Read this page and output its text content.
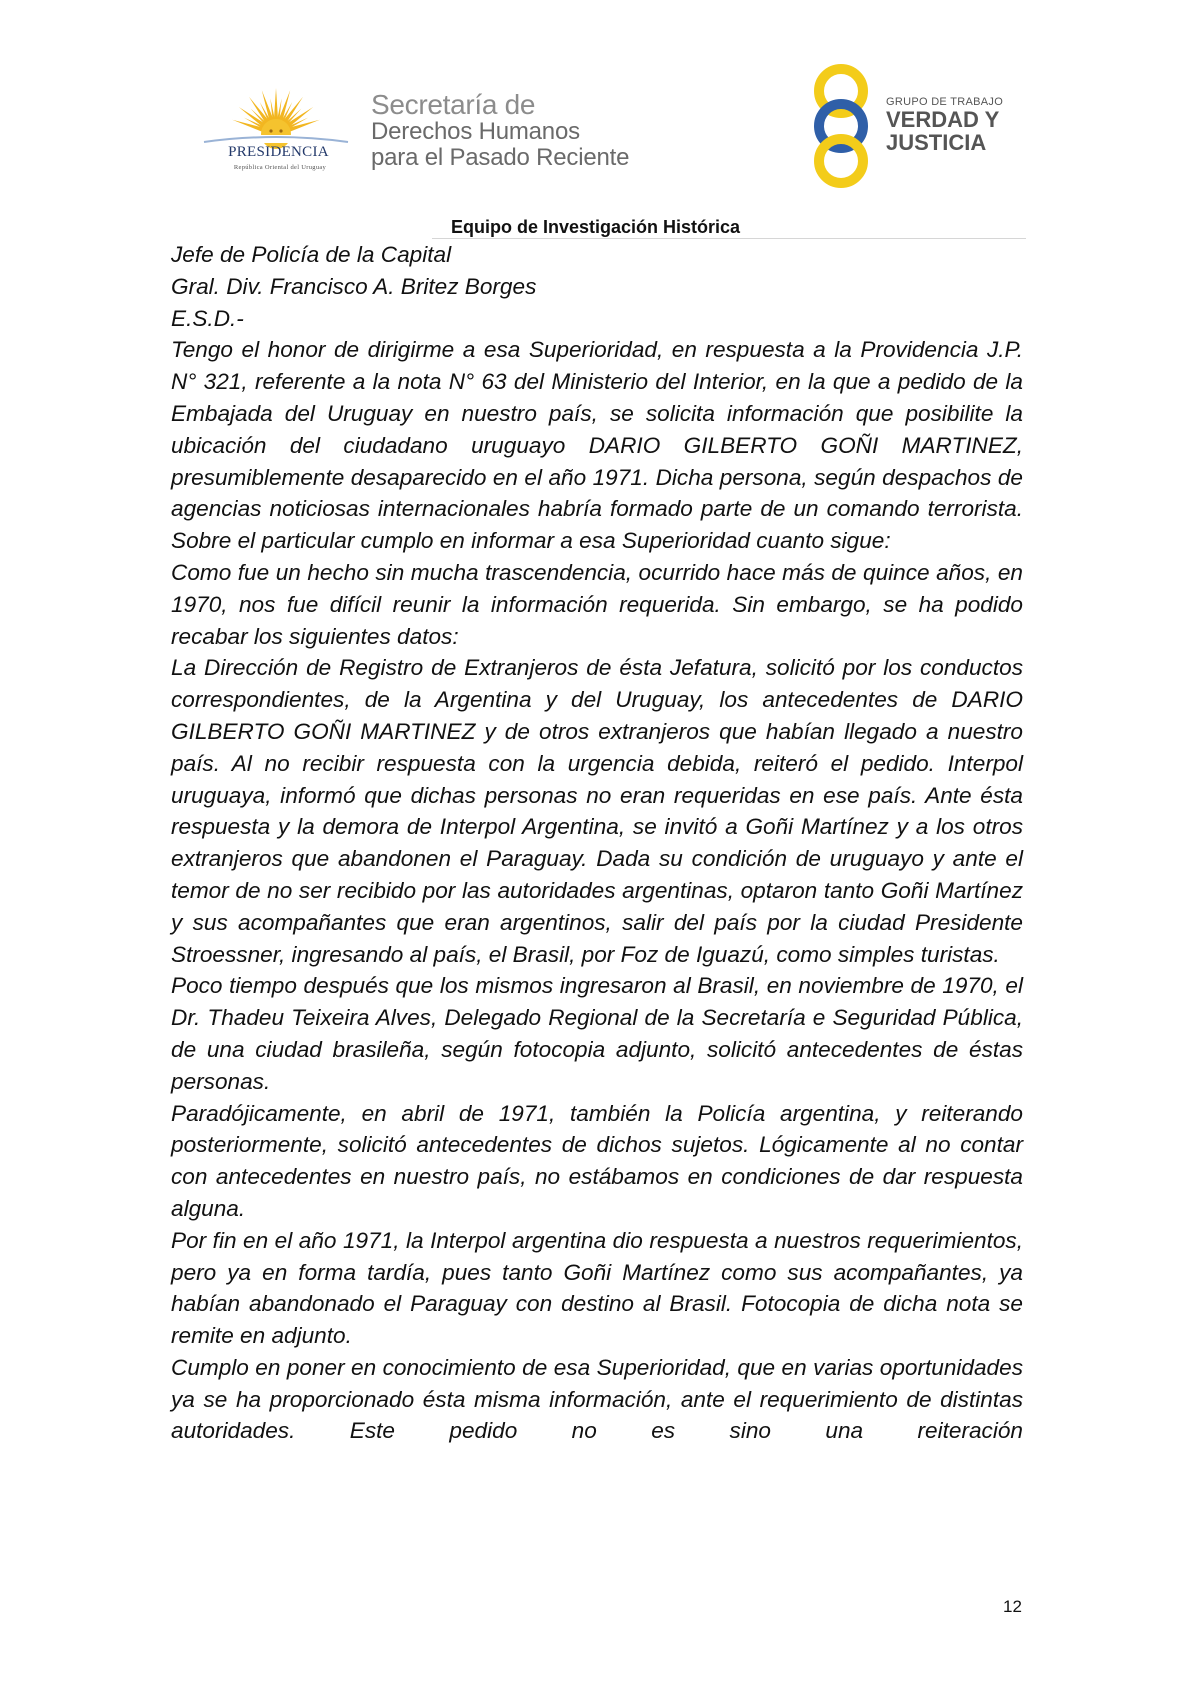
PRESIDENCIA
República Oriental del Uruguay
Secretaría de
Derechos Humanos
para el Pasado Reciente
GRUPO DE TRABAJO
VERDAD Y
JUSTICIA
Equipo de Investigación Histórica

Jefe de Policía de la Capital

Gral. Div. Francisco A. Britez Borges

E.S.D.-

Tengo el honor de dirigirme a esa Superioridad, en respuesta a la Providencia J.P. N° 321, referente a la nota N° 63 del Ministerio del Interior, en la que a pedido de la Embajada del Uruguay en nuestro país, se solicita información que posibilite la ubicación del ciudadano uruguayo DARIO GILBERTO GOÑI MARTINEZ, presumiblemente desaparecido en el año 1971. Dicha persona, según despachos de agencias noticiosas internacionales habría formado parte de un comando terrorista. Sobre el particular cumplo en informar a esa Superioridad cuanto sigue:

Como fue un hecho sin mucha trascendencia, ocurrido hace más de quince años, en 1970, nos fue difícil reunir la información requerida. Sin embargo, se ha podido recabar los siguientes datos:

La Dirección de Registro de Extranjeros de ésta Jefatura, solicitó por los conductos correspondientes, de la Argentina y del Uruguay, los antecedentes de DARIO GILBERTO GOÑI MARTINEZ y de otros extranjeros que habían llegado a nuestro país. Al no recibir respuesta con la urgencia debida, reiteró el pedido. Interpol uruguaya, informó que dichas personas no eran requeridas en ese país. Ante ésta respuesta y la demora de Interpol Argentina, se invitó a Goñi Martínez y a los otros extranjeros que abandonen el Paraguay. Dada su condición de uruguayo y ante el temor de no ser recibido por las autoridades argentinas, optaron tanto Goñi Martínez y sus acompañantes que eran argentinos, salir del país por la ciudad Presidente Stroessner, ingresando al país, el Brasil, por Foz de Iguazú, como simples turistas.

Poco tiempo después que los mismos ingresaron al Brasil, en noviembre de 1970, el Dr. Thadeu Teixeira Alves, Delegado Regional de la Secretaría e Seguridad Pública, de una ciudad brasileña, según fotocopia adjunto, solicitó antecedentes de éstas personas.

Paradójicamente, en abril de 1971, también la Policía argentina, y reiterando posteriormente, solicitó antecedentes de dichos sujetos. Lógicamente al no contar con antecedentes en nuestro país, no estábamos en condiciones de dar respuesta alguna.

Por fin en el año 1971, la Interpol argentina dio respuesta a nuestros requerimientos, pero ya en forma tardía, pues tanto Goñi Martínez como sus acompañantes, ya habían abandonado el Paraguay con destino al Brasil. Fotocopia de dicha nota se remite en adjunto.

Cumplo en poner en conocimiento de esa Superioridad, que en varias oportunidades ya se ha proporcionado ésta misma información, ante el requerimiento de distintas autoridades. Este pedido no es sino una reiteración

12
